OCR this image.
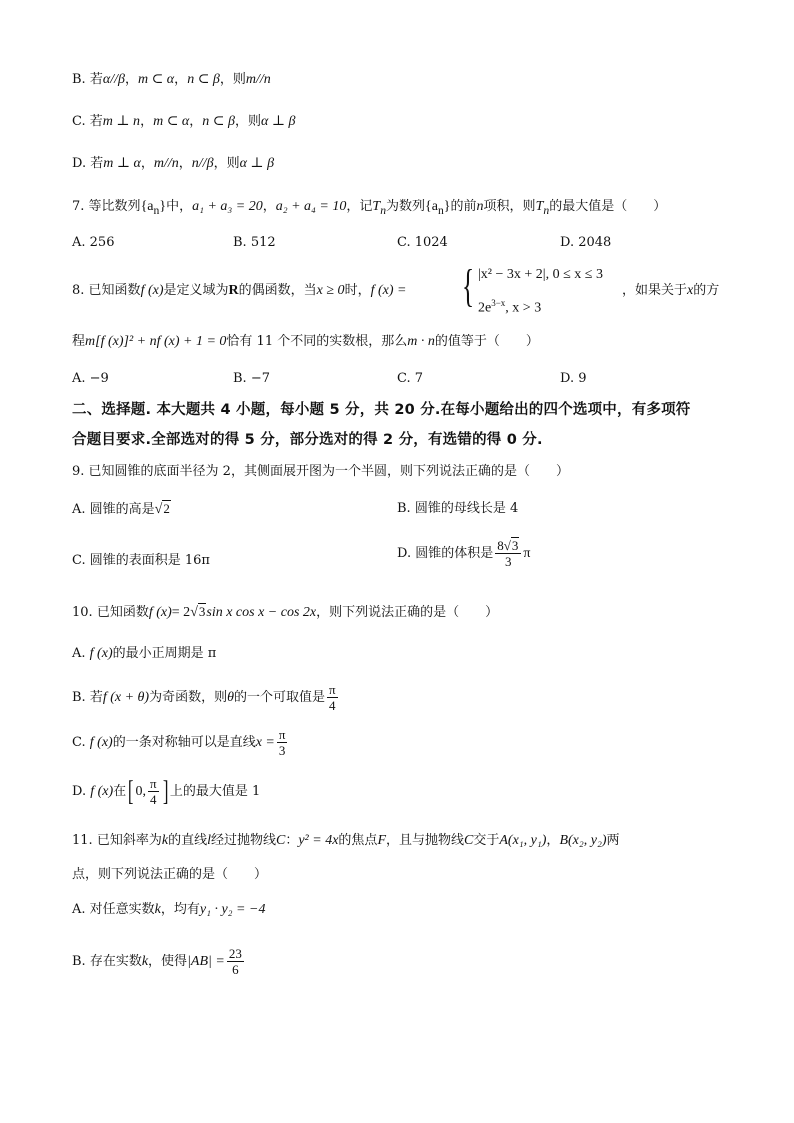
B. 若α//β，m ⊂ α，n ⊂ β，则m//n
C. 若m ⊥ n，m ⊂ α，n ⊂ β，则α ⊥ β
D. 若m ⊥ α，m//n，n//β，则α ⊥ β
7. 等比数列$\{a_n\}$中，a₁ + a₃ = 20，a₂ + a₄ = 10，记$T_n$为数列$\{a_n\}$的前n项积，则$T_n$的最大值是（　　）
A. 256	B. 512	C. 1024	D. 2048
8. 已知函数f (x)是定义域为R的偶函数，当x ≥ 0时，f (x) = { |x² − 3x + 2|, 0 ≤ x ≤ 3
$2e^{3-x}$, x > 3
，如果关于x的方
程m[f (x)]² + nf (x) + 1 = 0恰有 11 个不同的实数根，那么m · n的值等于（　　）
A. −9	B. −7	C. 7	D. 9
二、选择题. 本大题共 4 小题，每小题 5 分，共 20 分.在每小题给出的四个选项中，有多项符
合题目要求.全部选对的得 5 分，部分选对的得 2 分，有选错的得 0 分.
9. 已知圆锥的底面半径为 2，其侧面展开图为一个半圆，则下列说法正确的是（　　）
A. 圆锥的高是√2	B. 圆锥的母线长是 4
C. 圆锥的表面积是 16π	D. 圆锥的体积是 $\frac{8√3}{3}$ π
10. 已知函数f (x)= 2√3sin x cos x − cos 2x，则下列说法正确的是（　　）
A. f (x)的最小正周期是 π
B. 若f (x + θ)为奇函数，则θ的一个可取值是 $\frac{\pi}{4}$
C. f (x)的一条对称轴可以是直线$x = \frac{\pi}{3}$
D. f (x)在[ 0, $\frac{\pi}{4}$ ] 上的最大值是 1
11. 已知斜率为k的直线l经过抛物线C：y² = 4x的焦点F，且与抛物线C交于A(x₁, y₁)，B(x₂, y₂)两
点，则下列说法正确的是（　　）
A. 对任意实数k，均有y₁ · y₂ = −4
B. 存在实数k，使得$|AB| = \frac{23}{6}$
